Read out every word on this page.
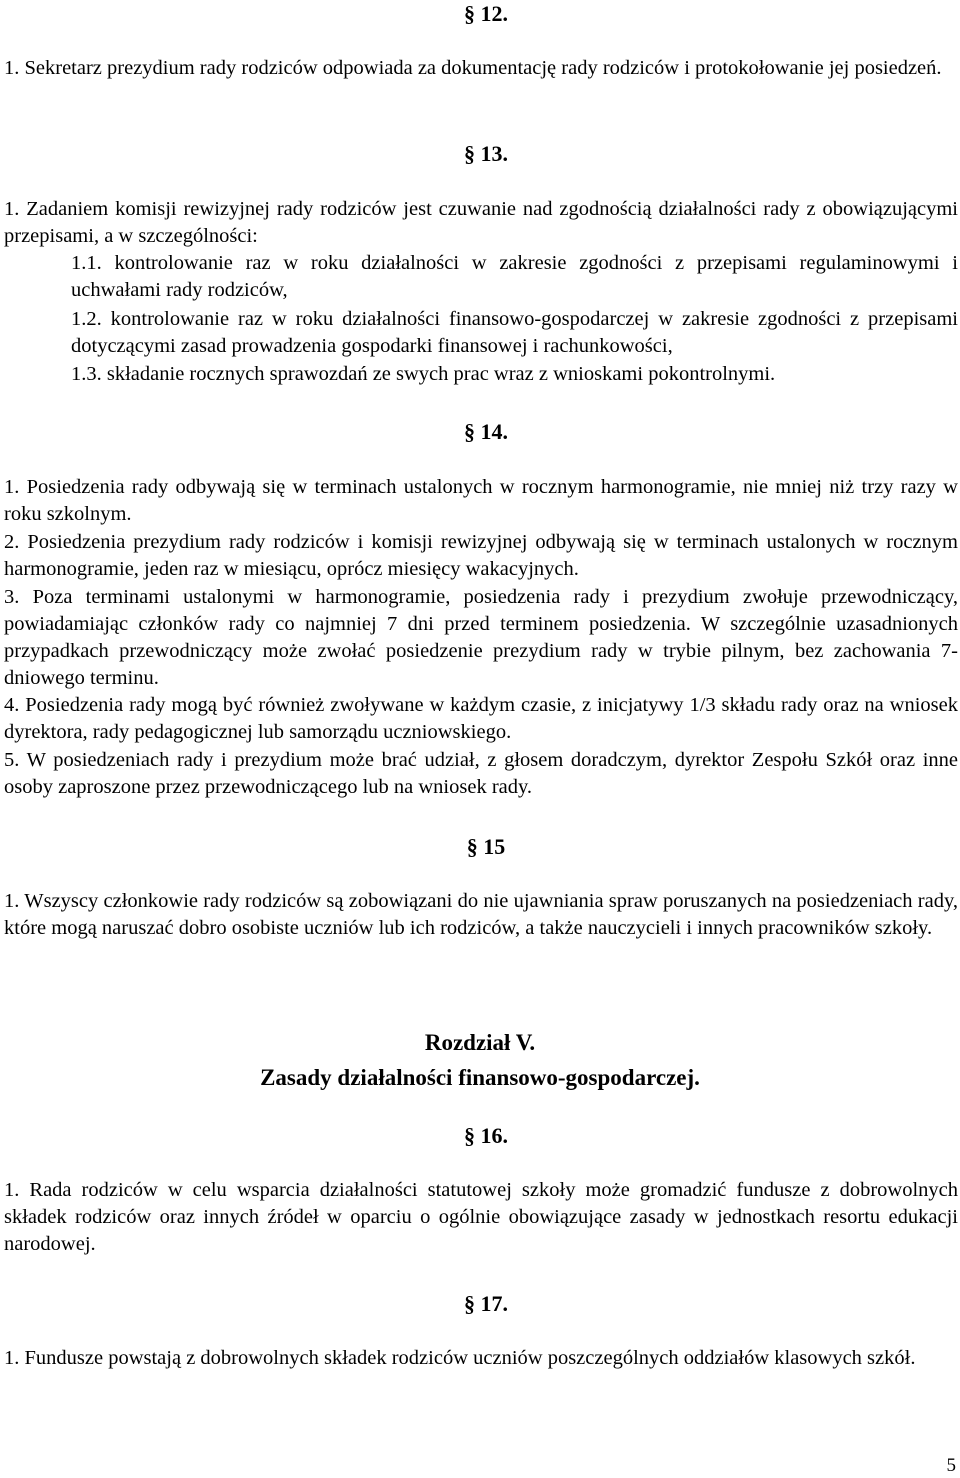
§ 12.
1. Sekretarz prezydium rady rodziców odpowiada za dokumentację rady rodziców i protokołowanie jej posiedzeń.
§ 13.
1. Zadaniem komisji rewizyjnej rady rodziców jest czuwanie nad zgodnością działalności rady z obowiązującymi przepisami, a w szczególności:
1.1. kontrolowanie raz w roku działalności w zakresie zgodności z przepisami regulaminowymi i uchwałami rady rodziców,
1.2. kontrolowanie raz w roku działalności finansowo-gospodarczej w zakresie zgodności z przepisami dotyczącymi zasad prowadzenia gospodarki finansowej i rachunkowości,
1.3. składanie rocznych sprawozdań ze swych prac wraz z wnioskami pokontrolnymi.
§ 14.
1. Posiedzenia rady odbywają się w terminach ustalonych w rocznym harmonogramie, nie mniej niż trzy razy w roku szkolnym.
2. Posiedzenia prezydium rady rodziców i komisji rewizyjnej odbywają się w terminach ustalonych w rocznym harmonogramie, jeden raz w miesiącu, oprócz miesięcy wakacyjnych.
3. Poza terminami ustalonymi w harmonogramie, posiedzenia rady i prezydium zwołuje przewodniczący, powiadamiając członków rady co najmniej 7 dni przed terminem posiedzenia. W szczególnie uzasadnionych przypadkach przewodniczący może zwołać posiedzenie prezydium rady w trybie pilnym, bez zachowania 7-dniowego terminu.
4. Posiedzenia rady mogą być również zwoływane w każdym czasie, z inicjatywy 1/3 składu rady oraz na wniosek dyrektora, rady pedagogicznej lub samorządu uczniowskiego.
5. W posiedzeniach rady i prezydium może brać udział, z głosem doradczym, dyrektor Zespołu Szkół oraz inne osoby zaproszone przez przewodniczącego lub na wniosek rady.
§ 15
1. Wszyscy członkowie rady rodziców są zobowiązani do nie ujawniania spraw poruszanych na posiedzeniach rady, które mogą naruszać dobro osobiste uczniów lub ich rodziców, a także nauczycieli i innych pracowników szkoły.
Rozdział V.
Zasady działalności finansowo-gospodarczej.
§ 16.
1. Rada rodziców w celu wsparcia działalności statutowej szkoły może gromadzić fundusze z dobrowolnych składek rodziców oraz innych źródeł w oparciu o ogólnie obowiązujące zasady w jednostkach resortu edukacji narodowej.
§ 17.
1. Fundusze powstają z dobrowolnych składek rodziców uczniów poszczególnych oddziałów klasowych szkół.
5
